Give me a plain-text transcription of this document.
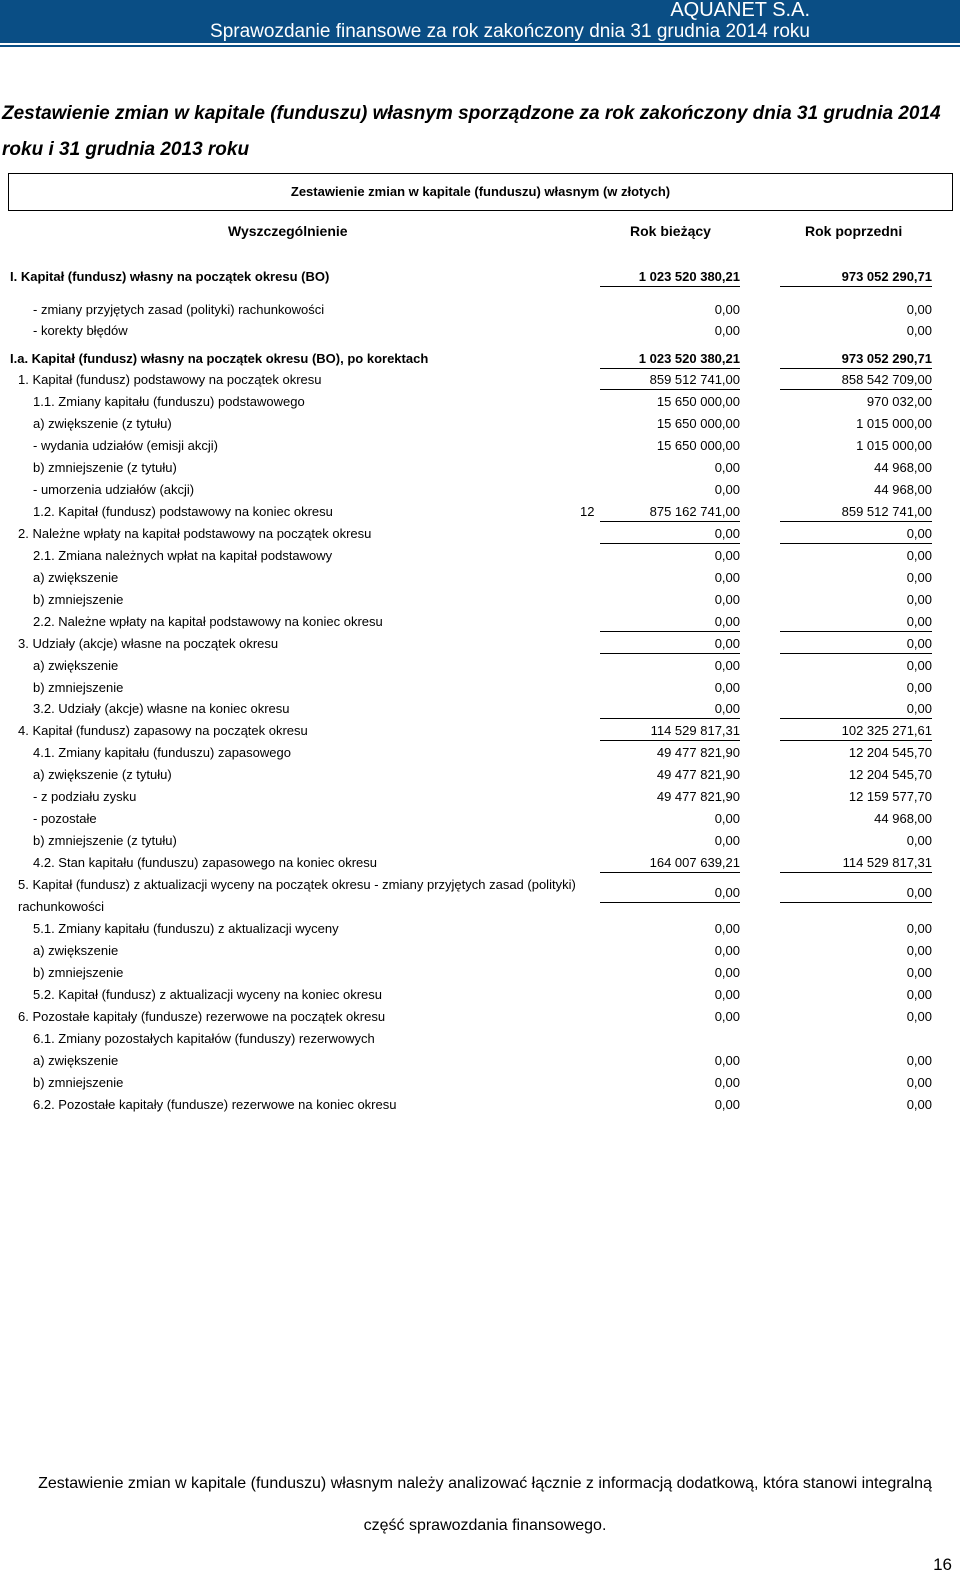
AQUANET S.A.
Sprawozdanie finansowe za rok zakończony dnia 31 grudnia 2014 roku
Zestawienie zmian w kapitale (funduszu) własnym sporządzone za rok zakończony dnia 31 grudnia 2014 roku i 31 grudnia 2013 roku
Zestawienie zmian w kapitale (funduszu) własnym (w złotych)
Wyszczególnienie	Rok bieżący	Rok poprzedni
I. Kapitał (fundusz) własny na początek okresu (BO)	1 023 520 380,21	973 052 290,71
- zmiany przyjętych zasad (polityki) rachunkowości	0,00	0,00
- korekty błędów	0,00	0,00
I.a. Kapitał (fundusz) własny na początek okresu (BO), po korektach	1 023 520 380,21	973 052 290,71
1. Kapitał (fundusz) podstawowy na początek okresu	859 512 741,00	858 542 709,00
1.1. Zmiany kapitału (funduszu) podstawowego	15 650 000,00	970 032,00
a) zwiększenie (z tytułu)	15 650 000,00	1 015 000,00
- wydania udziałów (emisji akcji)	15 650 000,00	1 015 000,00
b) zmniejszenie (z tytułu)	0,00	44 968,00
- umorzenia udziałów (akcji)	0,00	44 968,00
1.2. Kapitał (fundusz) podstawowy na koniec okresu	12	875 162 741,00	859 512 741,00
2. Należne wpłaty na kapitał podstawowy na początek okresu	0,00	0,00
2.1. Zmiana należnych wpłat na kapitał podstawowy	0,00	0,00
a) zwiększenie	0,00	0,00
b) zmniejszenie	0,00	0,00
2.2. Należne wpłaty na kapitał podstawowy na koniec okresu	0,00	0,00
3. Udziały (akcje) własne na początek okresu	0,00	0,00
a) zwiększenie	0,00	0,00
b) zmniejszenie	0,00	0,00
3.2. Udziały (akcje) własne na koniec okresu	0,00	0,00
4. Kapitał (fundusz) zapasowy na początek okresu	114 529 817,31	102 325 271,61
4.1. Zmiany kapitału (funduszu) zapasowego	49 477 821,90	12 204 545,70
a) zwiększenie (z tytułu)	49 477 821,90	12 204 545,70
- z podziału zysku	49 477 821,90	12 159 577,70
- pozostałe	0,00	44 968,00
b) zmniejszenie (z tytułu)	0,00	0,00
4.2. Stan kapitału (funduszu) zapasowego na koniec okresu	164 007 639,21	114 529 817,31
5. Kapitał (fundusz) z aktualizacji wyceny na początek okresu - zmiany przyjętych zasad (polityki) rachunkowości
0,00	0,00
5.1. Zmiany kapitału (funduszu) z aktualizacji wyceny	0,00	0,00
a) zwiększenie	0,00	0,00
b) zmniejszenie	0,00	0,00
5.2. Kapitał (fundusz) z aktualizacji wyceny na koniec okresu	0,00	0,00
6. Pozostałe kapitały (fundusze) rezerwowe na początek okresu	0,00	0,00
6.1. Zmiany pozostałych kapitałów (funduszy) rezerwowych
a) zwiększenie	0,00	0,00
b) zmniejszenie	0,00	0,00
6.2. Pozostałe kapitały (fundusze) rezerwowe na koniec okresu	0,00	0,00
Zestawienie zmian w kapitale (funduszu) własnym należy analizować łącznie z informacją dodatkową, która stanowi integralną część sprawozdania finansowego.
16
